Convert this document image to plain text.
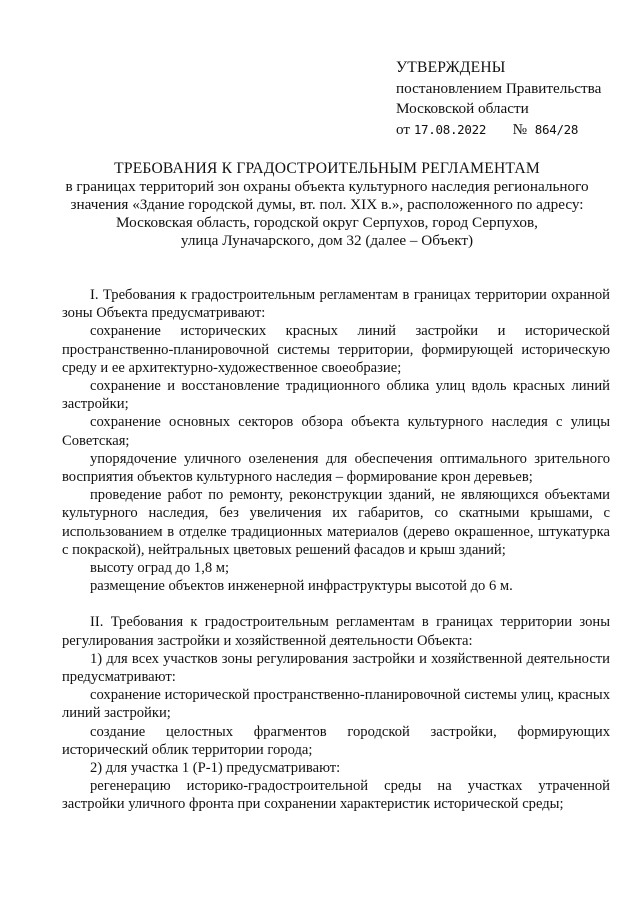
УТВЕРЖДЕНЫ
постановлением Правительства
Московской области
от 17.08.2022 № 864/28
ТРЕБОВАНИЯ К ГРАДОСТРОИТЕЛЬНЫМ РЕГЛАМЕНТАМ
в границах территорий зон охраны объекта культурного наследия регионального
значения «Здание городской думы, вт. пол. XIX в.», расположенного по адресу:
Московская область, городской округ Серпухов, город Серпухов,
улица Луначарского, дом 32 (далее – Объект)

I. Требования к градостроительным регламентам в границах территории охранной зоны Объекта предусматривают:

сохранение исторических красных линий застройки и исторической пространственно-планировочной системы территории, формирующей историческую среду и ее архитектурно-художественное своеобразие;

сохранение и восстановление традиционного облика улиц вдоль красных линий застройки;

сохранение основных секторов обзора объекта культурного наследия с улицы Советская;

упорядочение уличного озеленения для обеспечения оптимального зрительного восприятия объектов культурного наследия – формирование крон деревьев;

проведение работ по ремонту, реконструкции зданий, не являющихся объектами культурного наследия, без увеличения их габаритов, со скатными крышами, с использованием в отделке традиционных материалов (дерево окрашенное, штукатурка с покраской), нейтральных цветовых решений фасадов и крыш зданий;

высоту оград до 1,8 м;

размещение объектов инженерной инфраструктуры высотой до 6 м.

II. Требования к градостроительным регламентам в границах территории зоны регулирования застройки и хозяйственной деятельности Объекта:

1) для всех участков зоны регулирования застройки и хозяйственной деятельности предусматривают:

сохранение исторической пространственно-планировочной системы улиц, красных линий застройки;

создание целостных фрагментов городской застройки, формирующих исторический облик территории города;

2) для участка 1 (Р-1) предусматривают:

регенерацию историко-градостроительной среды на участках утраченной застройки уличного фронта при сохранении характеристик исторической среды;
